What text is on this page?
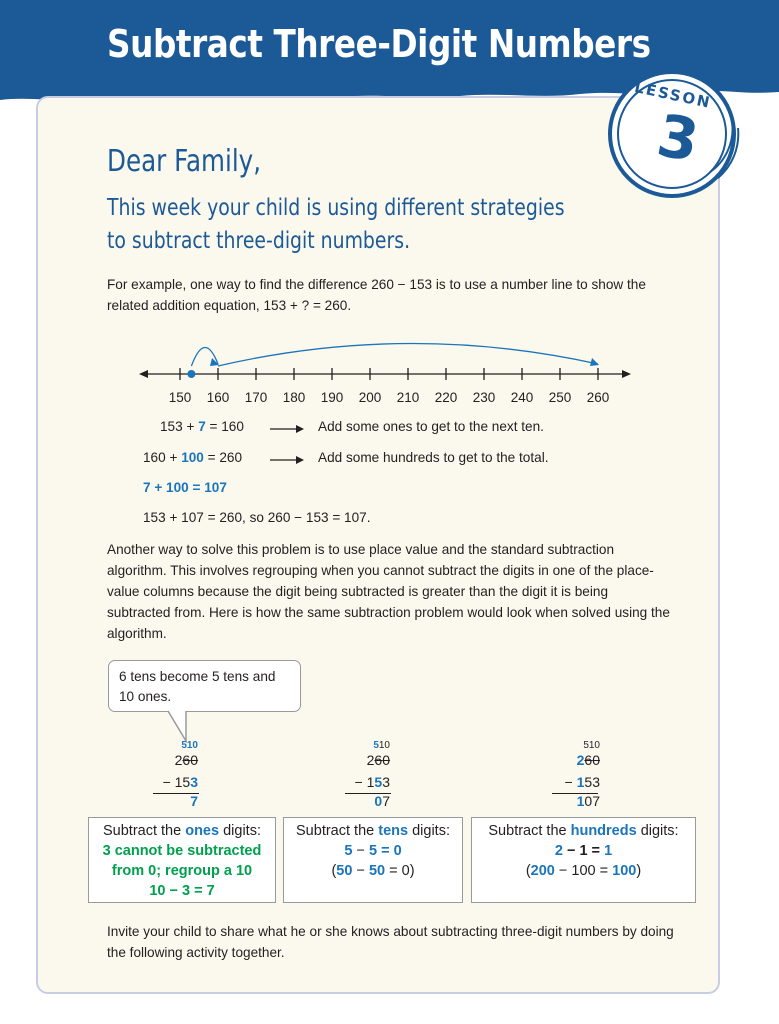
Subtract Three-Digit Numbers
LESSON
3
Dear Family,
This week your child is using different strategies to subtract three-digit numbers.
For example, one way to find the difference 260 − 153 is to use a number line to show the related addition equation, 153 + ? = 260.
150 160 170 180 190 200 210 220 230 240 250 260
153 + 7 = 160	Add some ones to get to the next ten.
160 + 100 = 260	Add some hundreds to get to the total.
7 + 100 = 107
153 + 107 = 260, so 260 − 153 = 107.
Another way to solve this problem is to use place value and the standard subtraction algorithm. This involves regrouping when you cannot subtract the digits in one of the place-value columns because the digit being subtracted is greater than the digit it is being subtracted from. Here is how the same subtraction problem would look when solved using the algorithm.
6 tens become 5 tens and 10 ones.
510
260
− 153
7
510
260
− 153
07
510
260
− 153
107
Subtract the ones digits:
3 cannot be subtracted
from 0; regroup a 10
10 − 3 = 7
Subtract the tens digits:
5 − 5 = 0
(50 − 50 = 0)
Subtract the hundreds digits:
2 − 1 = 1
(200 − 100 = 100)
Invite your child to share what he or she knows about subtracting three-digit numbers by doing the following activity together.
